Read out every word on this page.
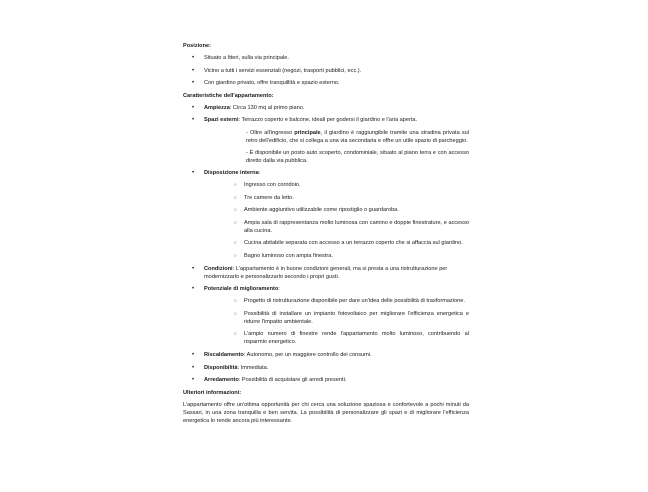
Posizione:
• Situato a Itteri, sulla via principale.
• Vicino a tutti i servizi essenziali (negozi, trasporti pubblici, ecc.).
• Con giardino privato, offre tranquillità e spazio esterno.
Caratteristiche dell'appartamento:
• Ampiezza: Circa 130 mq al primo piano.
• Spazi esterni: Terrazzo coperto e balcone, ideali per godersi il giardino e l'aria aperta.
- Oltre all'ingresso principale, il giardino è raggiungibile tramite una stradina privata sul retro dell'edificio, che si collega a una via secondaria e offre un utile spazio di parcheggio.
- È disponibile un posto auto scoperto, condominiale, situato al piano terra e con accesso diretto dalla via pubblica.
• Disposizione interna:
○ Ingresso con corridoio.
○ Tre camere da letto.
○ Ambiente aggiuntivo utilizzabile come ripostiglio o guardaroba.
○ Ampia sala di rappresentanza molto luminosa con camino e doppie finestrature, e accesso alla cucina.
○ Cucina abitabile separata con accesso a un terrazzo coperto che si affaccia sul giardino.
○ Bagno luminoso con ampia finestra.
• Condizioni: L'appartamento è in buone condizioni generali, ma si presta a una ristrutturazione per modernizzarlo e personalizzarlo secondo i propri gusti.
• Potenziale di miglioramento:
○ Progetto di ristrutturazione disponibile per dare un'idea delle possibilità di trasformazione.
○ Possibilità di installare un impianto fotovoltaico per migliorare l'efficienza energetica e ridurre l'impatto ambientale.
○ L'ampio numero di finestre rende l'appartamento molto luminoso, contribuendo al risparmio energetico.
• Riscaldamento: Autonomo, per un maggiore controllo dei consumi.
• Disponibilità: Immediata.
• Arredamento: Possibilità di acquistare gli arredi presenti.
Ulteriori informazioni:
L'appartamento offre un'ottima opportunità per chi cerca una soluzione spaziosa e confortevole a pochi minuti da Sassari, in una zona tranquilla e ben servita. La possibilità di personalizzare gli spazi e di migliorare l'efficienza energetica lo rende ancora più interessante.
